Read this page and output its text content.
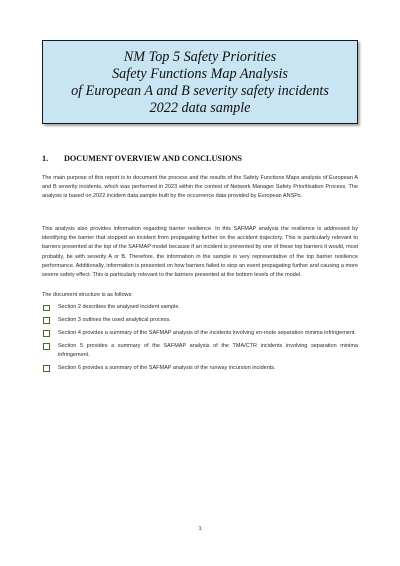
NM Top 5 Safety Priorities
Safety Functions Map Analysis
of European A and B severity safety incidents
2022 data sample
1. DOCUMENT OVERVIEW AND CONCLUSIONS
The main purpose of this report is to document the process and the results of the Safety Functions Maps analysis of European A and B severity incidents, which was performed in 2023 within the context of Network Manager Safety Prioritisation Process. The analysis is based on 2022 incident data sample built by the occurrence data provided by European ANSPs.
This analysis also provides information regarding barrier resilience. In this SAFMAP analysis the resilience is addressed by identifying the barrier that stopped an incident from propagating further on the accident trajectory. This is particularly relevant to barriers presented at the top of the SAFMAP model because if an incident is prevented by one of these top barriers it would, most probably, be with severity A or B. Therefore, the information in the sample is very representative of the top barrier resilience performance. Additionally, information is presented on how barriers failed to stop an event propagating further and causing a more severe safety effect. This is particularly relevant to the barriers presented at the bottom levels of the model.
The document structure is as follows:
Section 2 describes the analysed incident sample.
Section 3 outlines the used analytical process.
Section 4 provides a summary of the SAFMAP analysis of the incidents involving en-route separation minima infringement.
Section 5 provides a summary of the SAFMAP analysis of the TMA/CTR incidents involving separation minima infringement.
Section 6 provides a summary of the SAFMAP analysis of the runway incursion incidents.
1
